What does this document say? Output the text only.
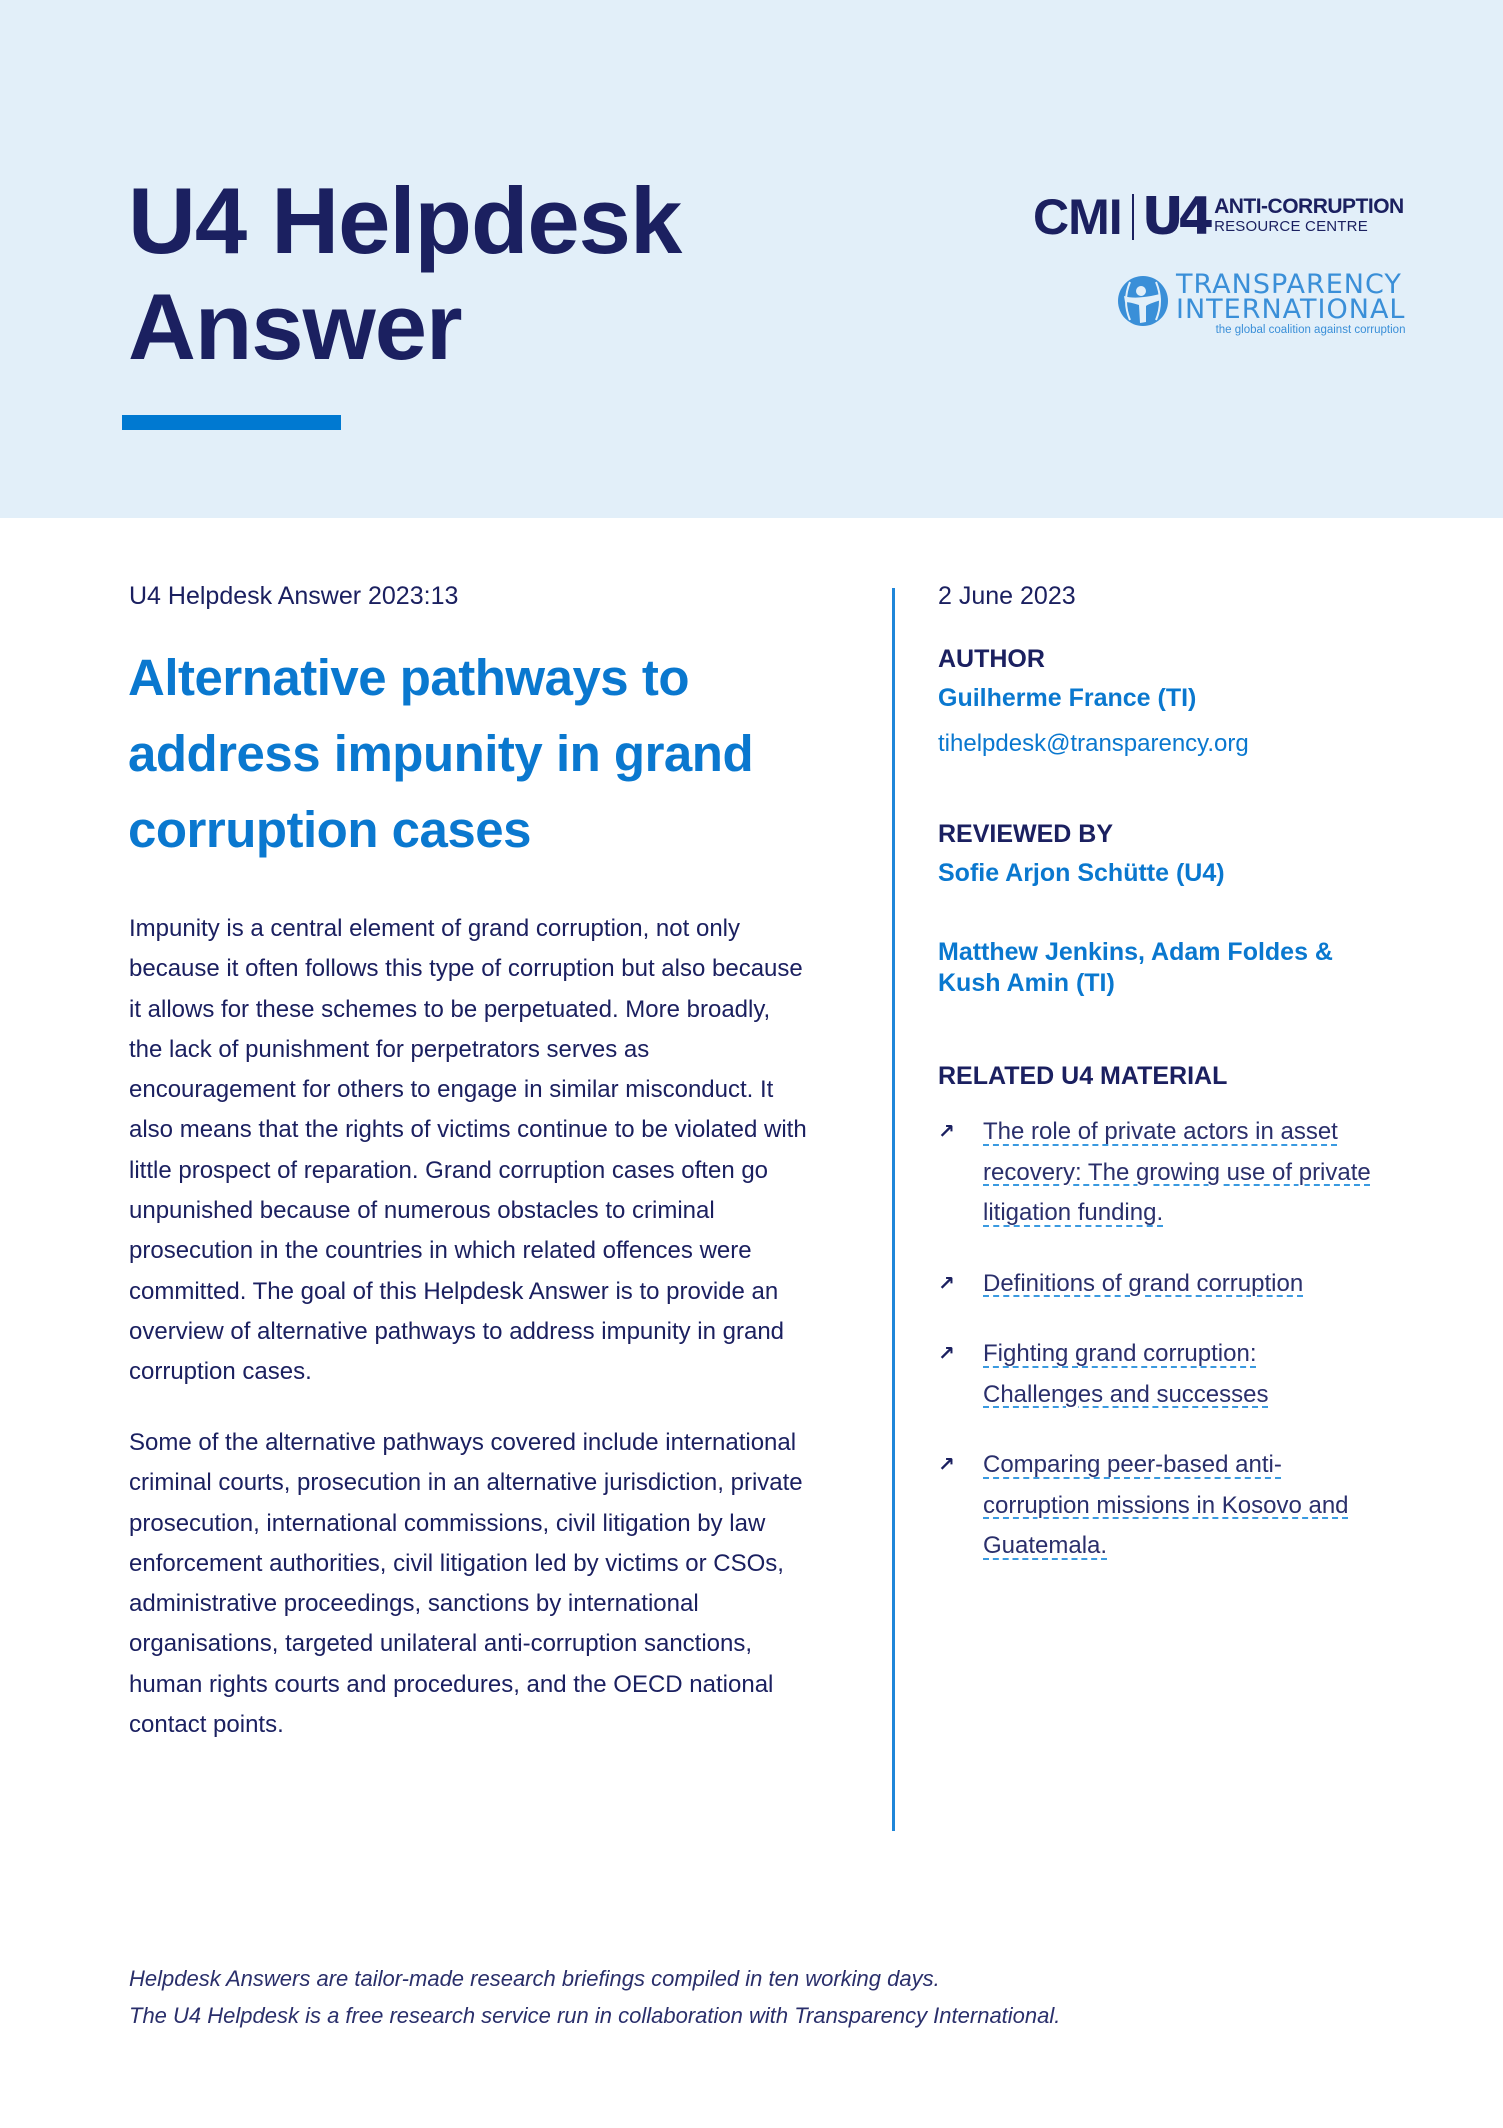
U4 Helpdesk
Answer
CMI U4 ANTI-CORRUPTION
RESOURCE CENTRE
TRANSPARENCY
INTERNATIONAL
the global coalition against corruption
U4 Helpdesk Answer 2023:13
Alternative pathways to address impunity in grand corruption cases

Impunity is a central element of grand corruption, not only because it often follows this type of corruption but also because it allows for these schemes to be perpetuated. More broadly, the lack of punishment for perpetrators serves as encouragement for others to engage in similar misconduct. It also means that the rights of victims continue to be violated with little prospect of reparation. Grand corruption cases often go unpunished because of numerous obstacles to criminal prosecution in the countries in which related offences were committed. The goal of this Helpdesk Answer is to provide an overview of alternative pathways to address impunity in grand corruption cases.

Some of the alternative pathways covered include international criminal courts, prosecution in an alternative jurisdiction, private prosecution, international commissions, civil litigation by law enforcement authorities, civil litigation led by victims or CSOs, administrative proceedings, sanctions by international organisations, targeted unilateral anti-corruption sanctions, human rights courts and procedures, and the OECD national contact points.

2 June 2023
AUTHOR
Guilherme France (TI)
tihelpdesk@transparency.org
REVIEWED BY
Sofie Arjon Schütte (U4)
Matthew Jenkins, Adam Foldes & Kush Amin (TI)
RELATED U4 MATERIAL
↗	The role of private actors in asset recovery: The growing use of private litigation funding.
↗	Definitions of grand corruption
↗	Fighting grand corruption: Challenges and successes
↗	Comparing peer-based anti-corruption missions in Kosovo and Guatemala.
Helpdesk Answers are tailor-made research briefings compiled in ten working days.
The U4 Helpdesk is a free research service run in collaboration with Transparency International.
